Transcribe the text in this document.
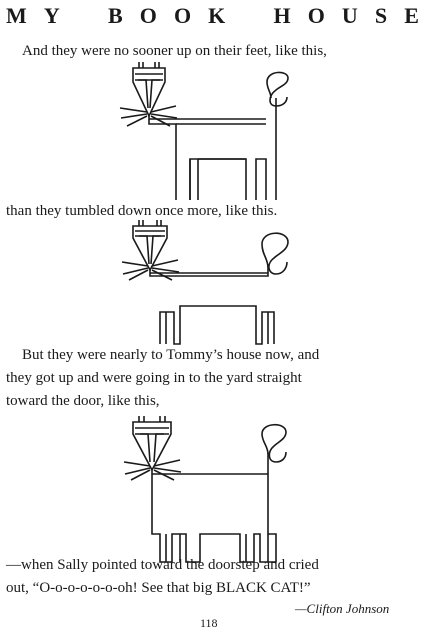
M Y B O O K H O U S E

And they were no sooner up on their feet, like this,

than they tumbled down once more, like this.

But they were nearly to Tommy’s house now, and

they got up and were going in to the yard straight

toward the door, like this,

—when Sally pointed toward the doorstep and cried

out, “O-o-o-o-o-o-oh! See that big BLACK CAT!”

—Clifton Johnson

118
